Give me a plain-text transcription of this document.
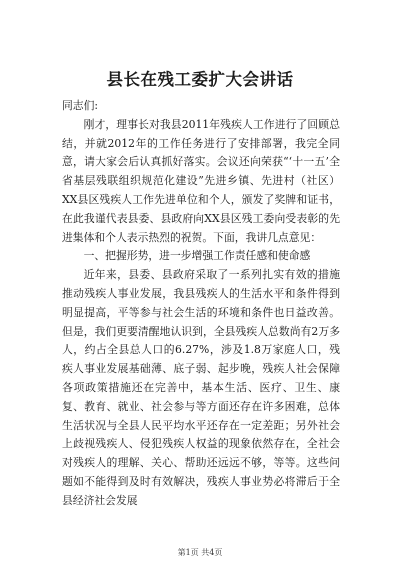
县长在残工委扩大会讲话

同志们:

刚才，理事长对我县2011年残疾人工作进行了回顾总结，并就2012年的工作任务进行了安排部署，我完全同意，请大家会后认真抓好落实。会议还向荣获“‘十一五’全省基层残联组织规范化建设”先进乡镇、先进村（社区）XX县区残疾人工作先进单位和个人，颁发了奖牌和证书，在此我谨代表县委、县政府向XX县区残工委向受表彰的先进集体和个人表示热烈的祝贺。下面，我讲几点意见：

一、把握形势，进一步增强工作责任感和使命感

近年来，县委、县政府采取了一系列扎实有效的措施推动残疾人事业发展，我县残疾人的生活水平和条件得到明显提高，平等参与社会生活的环境和条件也日益改善。但是，我们更要清醒地认识到，全县残疾人总数尚有2万多人，约占全县总人口的6.27%，涉及1.8万家庭人口，残疾人事业发展基础薄、底子弱、起步晚，残疾人社会保障各项政策措施还在完善中，基本生活、医疗、卫生、康复、教育、就业、社会参与等方面还存在许多困难，总体生活状况与全县人民平均水平还存在一定差距；另外社会上歧视残疾人、侵犯残疾人权益的现象依然存在，全社会对残疾人的理解、关心、帮助还远远不够，等等。这些问题如不能得到及时有效解决，残疾人事业势必将滞后于全县经济社会发展

第1页 共4页
